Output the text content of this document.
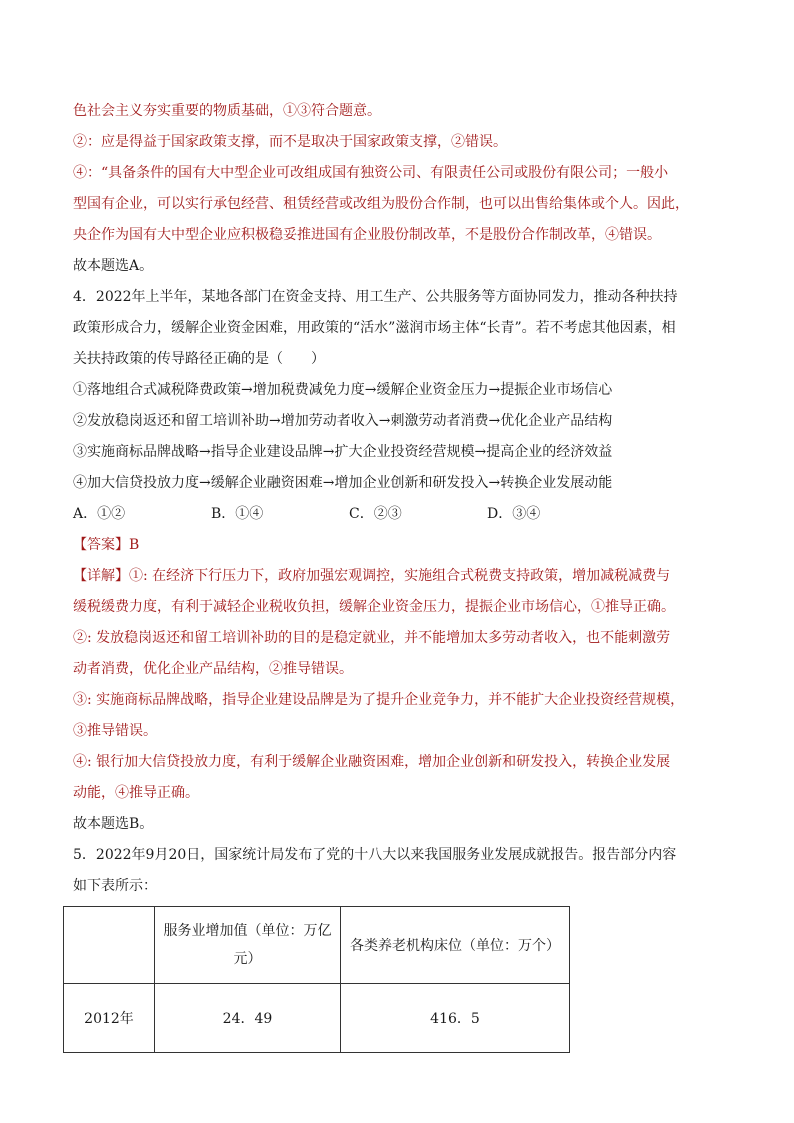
色社会主义夯实重要的物质基础，①③符合题意。
②：应是得益于国家政策支撑，而不是取决于国家政策支撑，②错误。
④：“具备条件的国有大中型企业可改组成国有独资公司、有限责任公司或股份有限公司；一般小
型国有企业，可以实行承包经营、租赁经营或改组为股份合作制，也可以出售给集体或个人。因此，
央企作为国有大中型企业应积极稳妥推进国有企业股份制改革，不是股份合作制改革，④错误。
故本题选A。
4．2022年上半年，某地各部门在资金支持、用工生产、公共服务等方面协同发力，推动各种扶持
政策形成合力，缓解企业资金困难，用政策的“活水”滋润市场主体“长青”。若不考虑其他因素，相
关扶持政策的传导路径正确的是（　　）
①落地组合式减税降费政策→增加税费减免力度→缓解企业资金压力→提振企业市场信心
②发放稳岗返还和留工培训补助→增加劳动者收入→刺激劳动者消费→优化企业产品结构
③实施商标品牌战略→指导企业建设品牌→扩大企业投资经营规模→提高企业的经济效益
④加大信贷投放力度→缓解企业融资困难→增加企业创新和研发投入→转换企业发展动能
A．①②	B．①④	C．②③	D．③④
【答案】B
【详解】①: 在经济下行压力下，政府加强宏观调控，实施组合式税费支持政策，增加减税减费与
缓税缓费力度，有利于减轻企业税收负担，缓解企业资金压力，提振企业市场信心，①推导正确。
②: 发放稳岗返还和留工培训补助的目的是稳定就业，并不能增加太多劳动者收入，也不能刺激劳
动者消费，优化企业产品结构，②推导错误。
③: 实施商标品牌战略，指导企业建设品牌是为了提升企业竞争力，并不能扩大企业投资经营规模，
③推导错误。
④: 银行加大信贷投放力度，有利于缓解企业融资困难，增加企业创新和研发投入，转换企业发展
动能，④推导正确。
故本题选B。
5．2022年9月20日，国家统计局发布了党的十八大以来我国服务业发展成就报告。报告部分内容
如下表所示：

	服务业增加值（单位：万亿
元）	各类养老机构床位（单位：万个）
2012年	24．49	416．5
